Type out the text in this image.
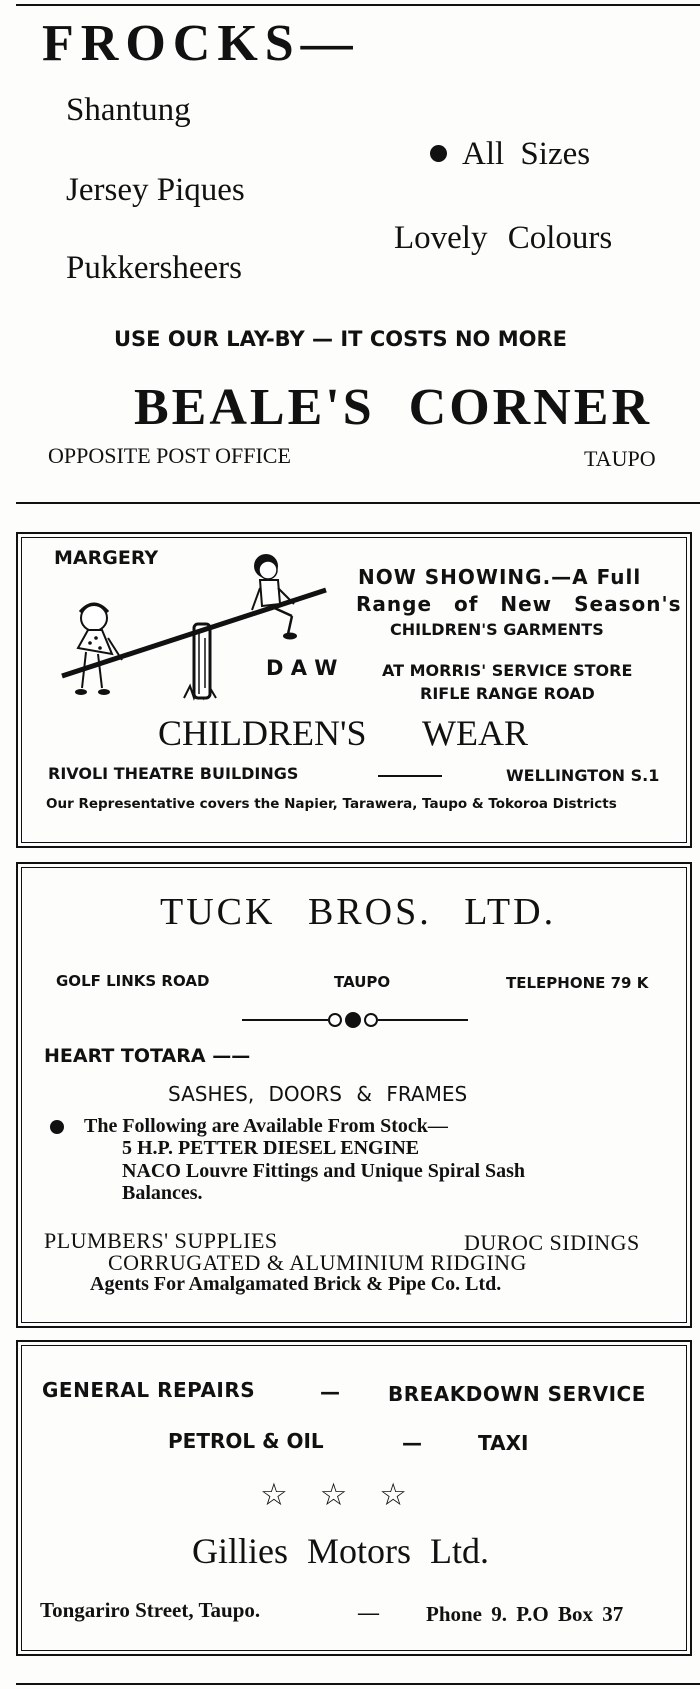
FROCKS—
Shantung
Jersey Piques
Pukkersheers
All Sizes
Lovely Colours
USE OUR LAY-BY — IT COSTS NO MORE
BEALE'S CORNER
OPPOSITE POST OFFICE	TAUPO
MARGERY
NOW SHOWING.—A Full
Range of New Season's
CHILDREN'S GARMENTS
D A W	AT MORRIS' SERVICE STORE
RIFLE RANGE ROAD
CHILDREN'S WEAR
RIVOLI THEATRE BUILDINGS	WELLINGTON S.1
Our Representative covers the Napier, Tarawera, Taupo & Tokoroa Districts
TUCK BROS. LTD.
GOLF LINKS ROAD	TAUPO	TELEPHONE 79 K
HEART TOTARA ——
SASHES, DOORS & FRAMES
The Following are Available From Stock—
5 H.P. PETTER DIESEL ENGINE
NACO Louvre Fittings and Unique Spiral Sash
Balances.
PLUMBERS' SUPPLIES	DUROC SIDINGS
CORRUGATED & ALUMINIUM RIDGING
Agents For Amalgamated Brick & Pipe Co. Ltd.
GENERAL REPAIRS	— BREAKDOWN SERVICE
PETROL & OIL	—	TAXI
☆ ☆ ☆
Gillies Motors Ltd.
Tongariro Street, Taupo.	— Phone 9. P.O Box 37
